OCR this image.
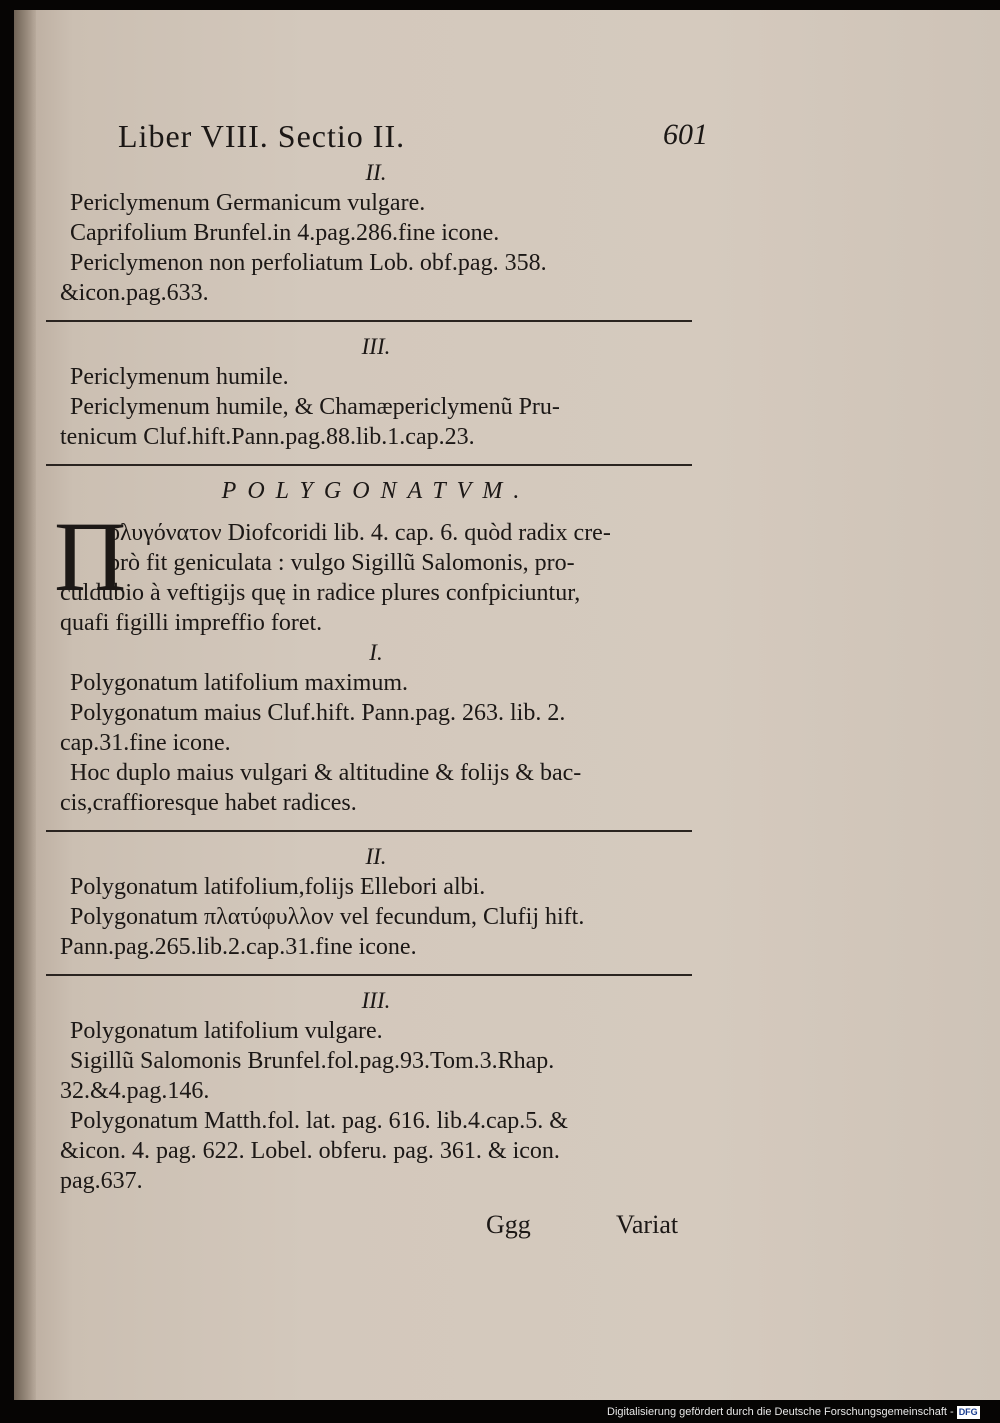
Liber VIII. Sectio II.	601
II.
Periclymenum Germanicum vulgare.
Caprifolium Brunfel.in 4.pag.286.fine icone.
Periclymenon non perfoliatum Lob. obf.pag. 358.
&icon.pag.633.
III.
Periclymenum humile.
Periclymenum humile, & Chamæpericlymenũ Pru-
tenicum Cluf.hift.Pann.pag.88.lib.1.cap.23.
POLYGONATVM.
Π
ολυγόνατον Diofcoridi lib. 4. cap. 6. quòd radix cre-
brò fit geniculata : vulgo Sigillũ Salomonis, pro-
culdubio à veftigijs quę in radice plures confpiciuntur,
quafi figilli impreffio foret.
I.
Polygonatum latifolium maximum.
Polygonatum maius Cluf.hift. Pann.pag. 263. lib. 2.
cap.31.fine icone.
Hoc duplo maius vulgari & altitudine & folijs & bac-
cis,craffioresque habet radices.
II.
Polygonatum latifolium,folijs Ellebori albi.
Polygonatum πλατύφυλλον vel fecundum, Clufij hift.
Pann.pag.265.lib.2.cap.31.fine icone.
III.
Polygonatum latifolium vulgare.
Sigillũ Salomonis Brunfel.fol.pag.93.Tom.3.Rhap.
32.&4.pag.146.
Polygonatum Matth.fol. lat. pag. 616. lib.4.cap.5. &
&icon. 4. pag. 622. Lobel. obferu. pag. 361. & icon.
pag.637.
Ggg	Variat
Digitalisierung gefördert durch die Deutsche Forschungsgemeinschaft - DFG
